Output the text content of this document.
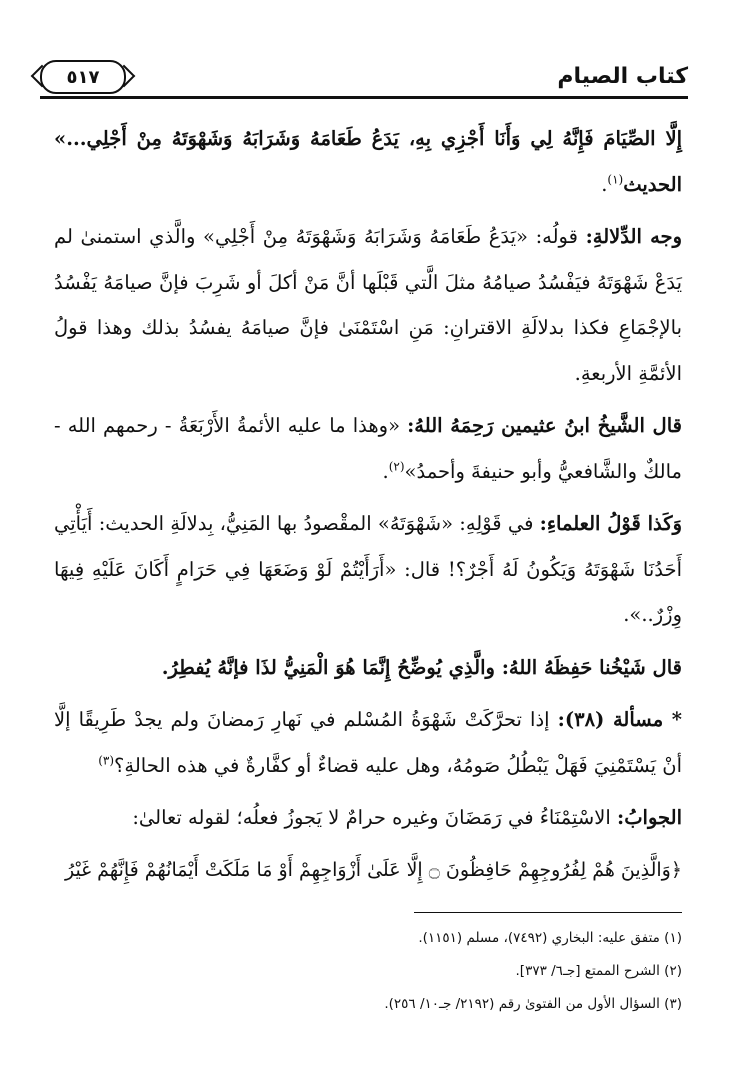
كتاب الصيام
٥١٧

إِلَّا الصِّيَامَ فَإِنَّهُ لِي وَأَنَا أَجْزِي بِهِ، يَدَعُ طَعَامَهُ وَشَرَابَهُ وَشَهْوَتَهُ مِنْ أَجْلِي...» الحديث$^{(١)}$.

وجه الدِّلالةِ: قولُه: «يَدَعُ طَعَامَهُ وَشَرَابَهُ وَشَهْوَتَهُ مِنْ أَجْلِي» والَّذي استمنىٰ لم يَدَعْ شَهْوَتَهُ فيَفْسُدُ صيامُهُ مثلَ الَّتي قَبْلَها أنَّ مَنْ أكلَ أو شَرِبَ فإنَّ صيامَهُ يَفْسُدُ بالإجْمَاعِ فكذا بدلالَةِ الاقترانِ: مَنِ اسْتَمْنَىٰ فإنَّ صيامَهُ يفسُدُ بذلك وهذا قولُ الأئمَّةِ الأربعةِ.

قال الشَّيخُ ابنُ عثيمين رَحِمَهُ اللهُ: «وهذا ما عليه الأئمةُ الأَرْبَعَةُ - رحمهم الله - مالكٌ والشَّافعيُّ وأبو حنيفةَ وأحمدُ»$^{(٢)}$.

وَكَذا قَوْلُ العلماءِ: في قَوْلِهِ: «شَهْوَتَهُ» المقْصودُ بها المَنِيُّ، بِدلالَةِ الحديث: أَيَأْتِي أَحَدُنَا شَهْوَتَهُ وَيَكُونُ لَهُ أَجْرٌ؟! قال: «أَرَأَيْتُمْ لَوْ وَضَعَهَا فِي حَرَامٍ أَكَانَ عَلَيْهِ فِيهَا وِزْرٌ..».

قال شَيْخُنا حَفِظَهُ اللهُ: والَّذِي يُوضِّحُ إِنَّمَا هُوَ الْمَنِيُّ لذَا فإنَّهُ يُفطِرُ.

* مسألة (٣٨): إذا تحرَّكَتْ شَهْوَةُ المُسْلم في نَهارِ رَمضانَ ولم يجدْ طَرِيقًا إلَّا أنْ يَسْتَمْنِيَ فَهَلْ يَبْطُلُ صَومُهُ، وهل عليه قضاءٌ أو كفَّارةٌ في هذه الحالةِ؟$^{(٣)}$

الجوابُ: الاسْتِمْنَاءُ في رَمَضَانَ وغيره حرامٌ لا يَجوزُ فعلُه؛ لقوله تعالىٰ:

﴿وَالَّذِينَ هُمْ لِفُرُوجِهِمْ حَافِظُونَ ۝ إِلَّا عَلَىٰ أَزْوَاجِهِمْ أَوْ مَا مَلَكَتْ أَيْمَانُهُمْ فَإِنَّهُمْ غَيْرُ

(١) متفق عليه: البخاري (٧٤٩٢)، مسلم (١١٥١).

(٢) الشرح الممتع [جـ٦/ ٣٧٣].

(٣) السؤال الأول من الفتوىٰ رقم (٢١٩٢/ جـ١٠/ ٢٥٦).
